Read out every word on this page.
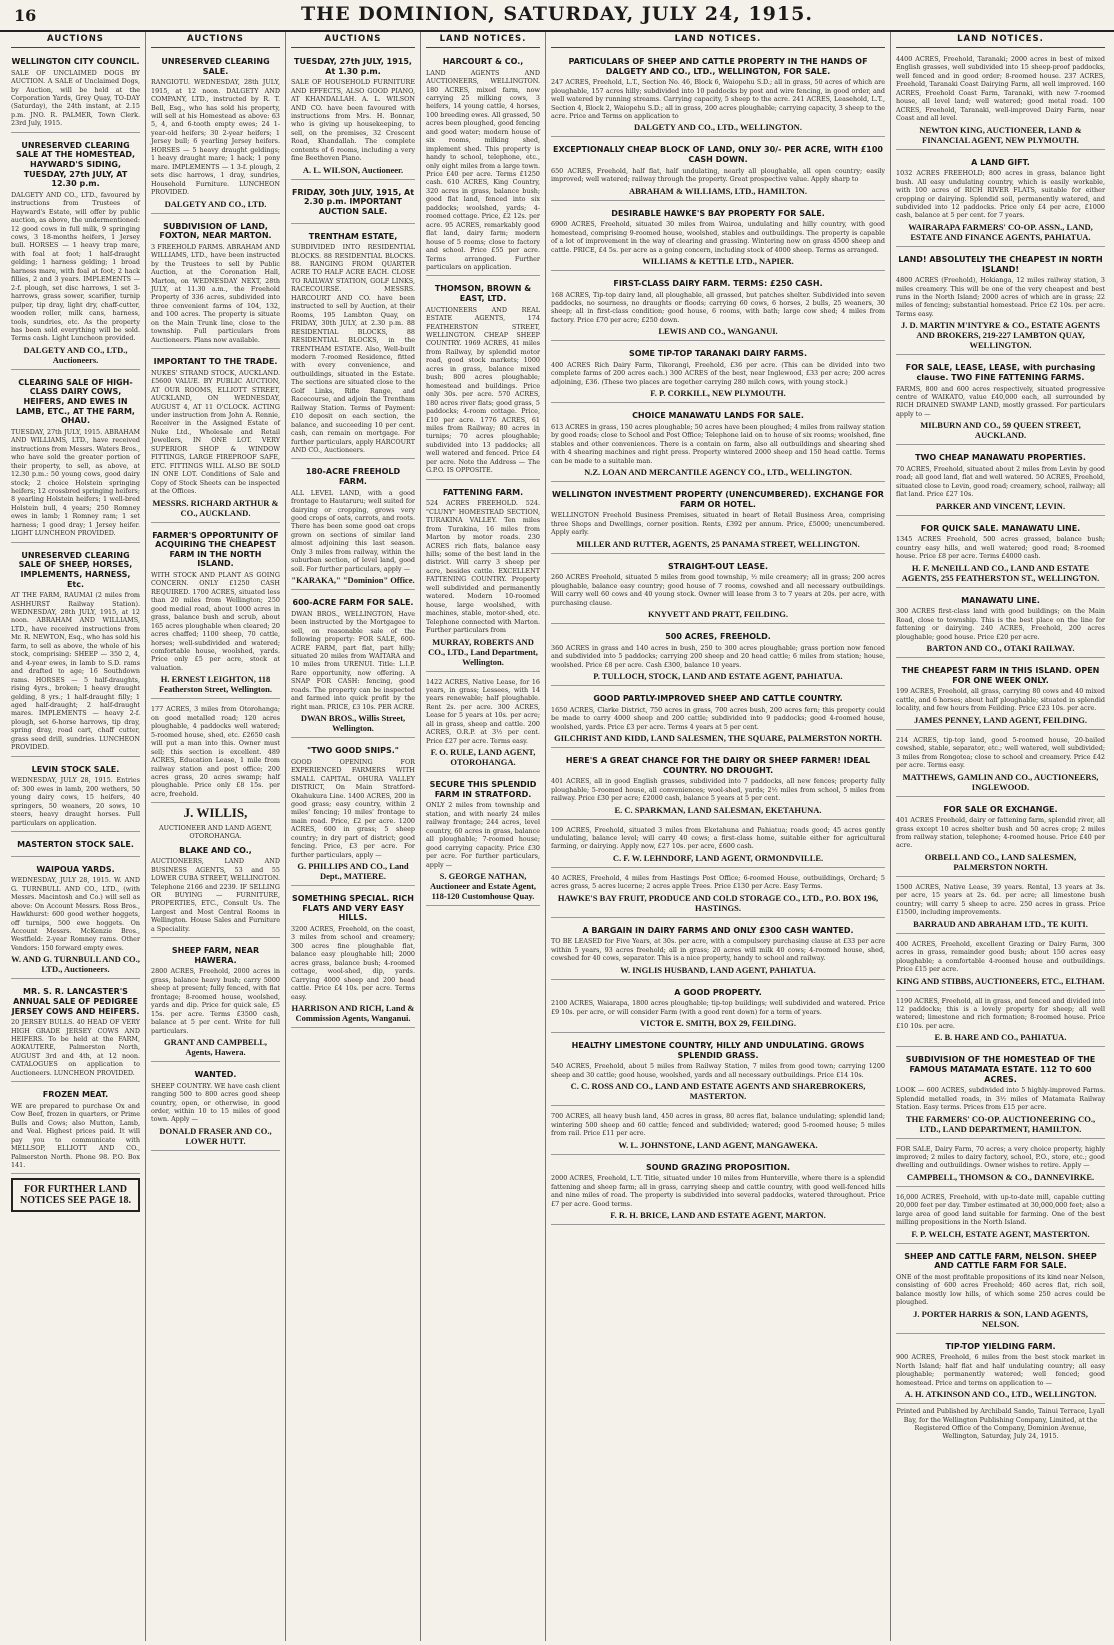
16	THE DOMINION, SATURDAY, JULY 24, 1915.
AUCTIONS
WELLINGTON CITY COUNCIL.
SALE OF UNCLAIMED DOGS BY AUCTION. A SALE of Unclaimed Dogs, by Auction, will be held at the Corporation Yards, Grey Quay, TO-DAY (Saturday), the 24th instant, at 2.15 p.m. JNO. R. PALMER, Town Clerk. 23rd July, 1915.
UNRESERVED CLEARING SALE AT THE HOMESTEAD, HAYWARD'S SIDING, TUESDAY, 27th JULY, AT 12.30 p.m.
DALGETY AND CO., LTD., favoured by instructions from Trustees of Hayward's Estate, will offer by public auction, as above, the undermentioned: 12 good cows in full milk, 9 springing cows, 3 18-months heifers, 1 Jersey bull. HORSES — 1 heavy trap mare, with foal at foot; 1 half-draught gelding; 1 harness gelding; 1 broad harness mare, with foal at foot; 2 hack fillies, 2 and 3 years. IMPLEMENTS — 2-f. plough, set disc harrows, 1 set 3-harrows, grass sower, scarifier, turnip pulper, tip dray, light dry, chaff-cutter, wooden roller, milk cans, harness, tools, sundries, etc. As the property has been sold everything will be sold. Terms cash. Light Luncheon provided.
DALGETY AND CO., LTD., Auctioneers.
CLEARING SALE OF HIGH-CLASS DAIRY COWS, HEIFERS, AND EWES IN LAMB, ETC., AT THE FARM, OHAU.
TUESDAY, 27th JULY, 1915. ABRAHAM AND WILLIAMS, LTD., have received instructions from Messrs. Waters Bros., who have sold the greater portion of their property, to sell, as above, at 12.30 p.m.: 50 young cows, good dairy stock; 2 choice Holstein springing heifers; 12 crossbred springing heifers; 8 yearling Holstein heifers; 1 well-bred Holstein bull, 4 years; 250 Romney ewes in lamb; 1 Romney ram; 1 set harness; 1 good dray; 1 Jersey heifer. LIGHT LUNCHEON PROVIDED.
UNRESERVED CLEARING SALE OF SHEEP, HORSES, IMPLEMENTS, HARNESS, Etc.
AT THE FARM, RAUMAI (2 miles from ASHHURST Railway Station). WEDNESDAY, 28th JULY, 1915, at 12 noon. ABRAHAM AND WILLIAMS, LTD., have received instructions from Mr. R. NEWTON, Esq., who has sold his farm, to sell as above, the whole of his stock, comprising: SHEEP — 350 2, 4, and 4-year ewes, in lamb to S.D. rams and drafted to age; 16 Southdown rams. HORSES — 5 half-draughts, rising 4yrs., broken; 1 heavy draught gelding, 8 yrs.; 1 half-draught filly; 1 aged half-draught; 2 half-draught mares. IMPLEMENTS — heavy 2-f. plough, set 6-horse harrows, tip dray, spring dray, road cart, chaff cutter, grass seed drill, sundries. LUNCHEON PROVIDED.
LEVIN STOCK SALE.
WEDNESDAY, JULY 28, 1915. Entries of: 300 ewes in lamb, 200 wethers, 50 young dairy cows, 15 heifers, 40 springers, 50 weaners, 20 sows, 10 steers, heavy draught horses. Full particulars on application.
MASTERTON STOCK SALE.
WAIPOUA YARDS.
WEDNESDAY, JULY 28, 1915. W. AND G. TURNBULL AND CO., LTD., (with Messrs. Macintosh and Co.) will sell as above: On Account Messrs. Ross Bros., Hawkhurst: 600 good wether hoggets, off turnips, 500 ewe hoggets. On Account Messrs. McKenzie Bros., Westfield: 2-year Romney rams. Other Vendors: 150 forward empty ewes.
W. AND G. TURNBULL AND CO., LTD., Auctioneers.
MR. S. R. LANCASTER'S ANNUAL SALE OF PEDIGREE JERSEY COWS AND HEIFERS.
20 JERSEY BULLS. 40 HEAD OF VERY HIGH GRADE JERSEY COWS AND HEIFERS. To be held at the FARM, AOKAUTERE, Palmerston North, AUGUST 3rd and 4th, at 12 noon. CATALOGUES on application to Auctioneers. LUNCHEON PROVIDED.
FROZEN MEAT.
WE are prepared to purchase Ox and Cow Beef, frozen in quarters, or Prime Bulls and Cows; also Mutton, Lamb, and Veal. Highest prices paid. It will pay you to communicate with MELLSOP, ELLIOTT AND CO., Palmerston North. Phone 98. P.O. Box 141.
FOR FURTHER LAND NOTICES SEE PAGE 18.
AUCTIONS
UNRESERVED CLEARING SALE.
RANGIOTU. WEDNESDAY, 28th JULY, 1915, at 12 noon. DALGETY AND COMPANY, LTD., instructed by R. T. Bell, Esq., who has sold his property, will sell at his Homestead as above: 63 5, 4, and 6-tooth empty ewes; 24 1-year-old heifers; 30 2-year heifers; 1 Jersey bull; 6 yearling Jersey heifers. HORSES — 5 heavy draught geldings; 1 heavy draught mare; 1 hack; 1 pony mare. IMPLEMENTS — 1 3-f. plough, 2 sets disc harrows, 1 dray, sundries, Household Furniture. LUNCHEON PROVIDED.
DALGETY AND CO., LTD.
SUBDIVISION OF LAND, FOXTON, NEAR MARTON.
3 FREEHOLD FARMS. ABRAHAM AND WILLIAMS, LTD., have been instructed by the Trustees to sell by Public Auction, at the Coronation Hall, Marton, on WEDNESDAY NEXT, 28th JULY, at 11.30 a.m., the Freehold Property of 336 acres, subdivided into three convenient farms of 104, 132, and 100 acres. The property is situate on the Main Trunk line, close to the township. Full particulars from Auctioneers. Plans now available.
IMPORTANT TO THE TRADE.
NUKES' STRAND STOCK, AUCKLAND. £5600 VALUE. BY PUBLIC AUCTION, AT OUR ROOMS, ELLIOTT STREET, AUCKLAND, ON WEDNESDAY, AUGUST 4, AT 11 O'CLOCK. ACTING under instruction from John A. Rennie, Receiver in the Assigned Estate of Nuke Ltd., Wholesale and Retail Jewellers, IN ONE LOT. VERY SUPERIOR SHOP & WINDOW FITTINGS, LARGE FIREPROOF SAFE, ETC. FITTINGS WILL ALSO BE SOLD IN ONE LOT. Conditions of Sale and Copy of Stock Sheets can be inspected at the Offices.
MESSRS. RICHARD ARTHUR & CO., AUCKLAND.
FARMER'S OPPORTUNITY OF ACQUIRING THE CHEAPEST FARM IN THE NORTH ISLAND.
WITH STOCK AND PLANT AS GOING CONCERN. ONLY £1250 CASH REQUIRED. 1700 ACRES, situated less than 20 miles from Wellington; 250 good medial road, about 1000 acres in grass, balance bush and scrub, about 165 acres ploughable when cleared; 20 acres chaffed; 1100 sheep, 70 cattle, horses; well-subdivided and watered; comfortable house, woolshed, yards. Price only £5 per acre, stock at valuation.
H. ERNEST LEIGHTON, 118 Featherston Street, Wellington.
177 ACRES, 3 miles from Otorohanga; on good metalled road; 120 acres ploughable, 4 paddocks well watered; 5-roomed house, shed, etc. £2650 cash will put a man into this. Owner must sell; this section is excellent. 489 ACRES, Education Lease, 1 mile from railway station and post office; 200 acres grass, 20 acres swamp; half ploughable. Price only £8 15s. per acre, freehold.
J. WILLIS,
AUCTIONEER AND LAND AGENT, OTOROHANGA.
BLAKE AND CO.,
AUCTIONEERS, LAND AND BUSINESS AGENTS, 53 and 55 LOWER CUBA STREET, WELLINGTON. Telephone 2166 and 2239. IF SELLING OR BUYING — FURNITURE, PROPERTIES, ETC., Consult Us. The Largest and Most Central Rooms in Wellington. House Sales and Furniture a Speciality.
SHEEP FARM, NEAR HAWERA.
2800 ACRES, Freehold, 2000 acres in grass, balance heavy bush; carry 5000 sheep at present; fully fenced, with flat frontage; 8-roomed house, woolshed, yards and dip. Price for quick sale, £5 15s. per acre. Terms £3500 cash, balance at 5 per cent. Write for full particulars.
GRANT AND CAMPBELL, Agents, Hawera.
WANTED.
SHEEP COUNTRY. WE have cash client ranging 500 to 800 acres good sheep country, open, or otherwise, in good order, within 10 to 15 miles of good town. Apply —
DONALD FRASER AND CO., LOWER HUTT.
AUCTIONS
TUESDAY, 27th JULY, 1915, At 1.30 p.m.
SALE OF HOUSEHOLD FURNITURE AND EFFECTS, ALSO GOOD PIANO, AT KHANDALLAH. A. L. WILSON AND CO. have been favoured with instructions from Mrs. H. Bonnar, who is giving up housekeeping, to sell, on the premises, 32 Crescent Road, Khandallah. The complete contents of 6 rooms, including a very fine Beethoven Piano.
A. L. WILSON, Auctioneer.
FRIDAY, 30th JULY, 1915, At 2.30 p.m. IMPORTANT AUCTION SALE.
TRENTHAM ESTATE,
SUBDIVIDED INTO RESIDENTIAL BLOCKS. 88 RESIDENTIAL BLOCKS. 88. RANGING FROM QUARTER ACRE TO HALF ACRE EACH. CLOSE TO RAILWAY STATION, GOLF LINKS, RACECOURSE. MESSRS. HARCOURT AND CO. have been instructed to sell by Auction, at their Rooms, 195 Lambton Quay, on FRIDAY, 30th JULY, at 2.30 p.m. 88 RESIDENTIAL BLOCKS, 88 RESIDENTIAL BLOCKS, in the TRENTHAM ESTATE. Also, Well-built modern 7-roomed Residence, fitted with every convenience, and outbuildings, situated in the Estate. The sections are situated close to the Golf Links, Rifle Range, and Racecourse, and adjoin the Trentham Railway Station. Terms of Payment: £10 deposit on each section, the balance, and succeeding 10 per cent. cash, can remain on mortgage. For further particulars, apply HARCOURT AND CO., Auctioneers.
180-ACRE FREEHOLD FARM.
ALL LEVEL LAND, with a good frontage to Hautaruru; well suited for dairying or cropping, grows very good crops of oats, carrots, and roots. There has been some good oat crops grown on sections of similar land almost adjoining this last season. Only 3 miles from railway, within the suburban section, of level land, good soil. For further particulars, apply —
"KARAKA," "Dominion" Office.
600-ACRE FARM FOR SALE.
DWAN BROS., WELLINGTON, Have been instructed by the Mortgagee to sell, on reasonable sale of the following property: FOR SALE, 600-ACRE FARM, part flat, part hilly; situated 20 miles from WAITARA and 10 miles from URENUI. Title: L.I.P. Rare opportunity, now offering. A SNAP FOR CASH: fencing, good roads. The property can be inspected and farmed into quick profit by the right man. PRICE, £3 10s. PER ACRE.
DWAN BROS., Willis Street, Wellington.
"TWO GOOD SNIPS."
GOOD OPENING FOR EXPERIENCED FARMERS WITH SMALL CAPITAL. OHURA VALLEY DISTRICT, On Main Stratford-Okahukura Line. 1400 ACRES, 200 in good grass; easy country, within 2 miles' fencing; 10 miles' frontage to main road. Price, £2 per acre. 1200 ACRES, 600 in grass; 5 sheep country; in dry part of district; good fencing. Price, £3 per acre. For further particulars, apply —
G. PHILLIPS AND CO., Land Dept., MATIERE.
SOMETHING SPECIAL. RICH FLATS AND VERY EASY HILLS.
3200 ACRES, Freehold, on the coast, 3 miles from school and creamery; 300 acres fine ploughable flat, balance easy ploughable hill; 2000 acres grass, balance bush; 4-roomed cottage, wool-shed, dip, yards. Carrying 4000 sheep and 200 head cattle. Price £4 10s. per acre. Terms easy.
HARRISON AND RICH, Land & Commission Agents, Wanganui.
LAND NOTICES.
HARCOURT & CO.,
LAND AGENTS AND AUCTIONEERS, WELLINGTON. 180 ACRES, mixed farm, now carrying 25 milking cows, 3 heifers, 14 young cattle, 4 horses, 100 breeding ewes. All grassed, 50 acres been ploughed, good fencing and good water; modern house of six rooms, milking shed, implement shed. This property is handy to school, telephone, etc., only eight miles from a large town. Price £40 per acre. Terms £1250 cash. 610 ACRES, King Country, 320 acres in grass, balance bush; good flat land, fenced into six paddocks; woolshed, yards; 4-roomed cottage. Price, £2 12s. per acre. 95 ACRES, remarkably good flat land, dairy farm; modern house of 5 rooms; close to factory and school. Price £55 per acre. Terms arranged. Further particulars on application.
THOMSON, BROWN & EAST, LTD.
AUCTIONEERS AND REAL ESTATE AGENTS, 174 FEATHERSTON STREET, WELLINGTON. CHEAP SHEEP COUNTRY. 1969 ACRES, 41 miles from Railway, by splendid motor road, good stock markets; 1000 acres in grass, balance mixed bush; 800 acres ploughable; homestead and buildings. Price only 30s. per acre. 570 ACRES, 180 acres river flats; good grass, 5 paddocks; 4-room cottage. Price, £10 per acre. 1776 ACRES, 61 miles from Railway; 80 acres in turnips; 70 acres ploughable; subdivided into 13 paddocks; all well watered and fenced. Price £4 per acre. Note the Address — The G.P.O. IS OPPOSITE.
FATTENING FARM.
524 ACRES FREEHOLD. 524. "CLUNY" HOMESTEAD SECTION, TURAKINA VALLEY. Ten miles from Turakina, 16 miles from Marton by motor roads. 230 ACRES rich flats, balance easy hills; some of the best land in the district. Will carry 3 sheep per acre, besides cattle. EXCELLENT FATTENING COUNTRY. Property well subdivided and permanently watered. Modern 10-roomed house, large woolshed, with machines, stable, motor-shed, etc. Telephone connected with Marton. Further particulars from
MURRAY, ROBERTS AND CO., LTD., Land Department, Wellington.
1422 ACRES, Native Lease, for 16 years, in grass; Lessees, with 14 years renewable; half ploughable. Rent 2s. per acre. 300 ACRES, Lease for 5 years at 10s. per acre; all in grass, sheep and cattle. 200 ACRES, O.R.P. at 3½ per cent. Price £27 per acre. Terms easy.
F. O. RULE, LAND AGENT, OTOROHANGA.
SECURE THIS SPLENDID FARM IN STRATFORD.
ONLY 2 miles from township and station, and with nearly 24 miles railway frontage; 244 acres, level country, 60 acres in grass, balance all ploughable; 7-roomed house; good carrying capacity. Price £30 per acre. For further particulars, apply —
S. GEORGE NATHAN, Auctioneer and Estate Agent, 118-120 Customhouse Quay.
LAND NOTICES.
PARTICULARS OF SHEEP AND CATTLE PROPERTY IN THE HANDS OF DALGETY AND CO., LTD., WELLINGTON, FOR SALE.
247 ACRES, Freehold, L.T., Section No. 46, Block 6, Waiopehu S.D.; all in grass, 50 acres of which are ploughable, 157 acres hilly; subdivided into 10 paddocks by post and wire fencing, in good order, and well watered by running streams. Carrying capacity, 5 sheep to the acre. 241 ACRES, Leasehold, L.T., Section 4, Block 2, Waiopehu S.D.; all in grass, 200 acres ploughable; carrying capacity, 3 sheep to the acre. Price and Terms on application to
DALGETY AND CO., LTD., WELLINGTON.
EXCEPTIONALLY CHEAP BLOCK OF LAND, ONLY 30/- PER ACRE, WITH £100 CASH DOWN.
650 ACRES, Freehold, half flat, half undulating, nearly all ploughable, all open country; easily improved; well watered; railway through the property. Great prospective value. Apply sharp to
ABRAHAM & WILLIAMS, LTD., HAMILTON.
DESIRABLE HAWKE'S BAY PROPERTY FOR SALE.
6900 ACRES, Freehold, situated 30 miles from Wairoa, undulating and hilly country, with good homestead, comprising 9-roomed house, woolshed, stables and outbuildings. The property is capable of a lot of improvement in the way of clearing and grassing. Wintering now on grass 4500 sheep and cattle. PRICE, £4 5s. per acre as a going concern, including stock of 4000 sheep. Terms as arranged.
WILLIAMS & KETTLE LTD., NAPIER.
FIRST-CLASS DAIRY FARM. TERMS: £250 CASH.
168 ACRES, Tip-top dairy land, all ploughable, all grassed, but patches shelter. Subdivided into seven paddocks, no sourness, no draughts or floods; carrying 60 cows, 6 horses, 2 bulls, 25 weaners, 30 sheep; all in first-class condition; good house, 6 rooms, with bath; large cow shed; 4 miles from factory. Price £70 per acre; £250 down.
LEWIS AND CO., WANGANUI.
SOME TIP-TOP TARANAKI DAIRY FARMS.
400 ACRES Rich Dairy Farm, Tikorangi, Freehold, £36 per acre. (This can be divided into two complete farms of 200 acres each.) 300 ACRES of the best, near Inglewood, £33 per acre; 200 acres adjoining, £36. (These two places are together carrying 280 milch cows, with young stock.)
F. P. CORKILL, NEW PLYMOUTH.
CHOICE MANAWATU LANDS FOR SALE.
613 ACRES in grass, 150 acres ploughable; 50 acres have been ploughed; 4 miles from railway station by good roads; close to School and Post Office; Telephone laid on to house of six rooms; woolshed, fine stables and other conveniences. There is a contain on farm, also all outbuildings and shearing shed with 4 shearing machines and right press. Property wintered 2000 sheep and 150 head cattle. Terms can be made to a suitable man.
N.Z. LOAN AND MERCANTILE AGENCY CO., LTD., WELLINGTON.
WELLINGTON INVESTMENT PROPERTY (UNENCUMBERED). EXCHANGE FOR FARM OR HOTEL.
WELLINGTON Freehold Business Premises, situated in heart of Retail Business Area, comprising three Shops and Dwellings, corner position. Rents, £392 per annum. Price, £5000; unencumbered. Apply early.
MILLER AND RUTTER, AGENTS, 25 PANAMA STREET, WELLINGTON.
STRAIGHT-OUT LEASE.
260 ACRES Freehold, situated 5 miles from good township, ½ mile creamery; all in grass; 200 acres ploughable, balance easy country; good house of 7 rooms, cowshed and all necessary outbuildings. Will carry well 60 cows and 40 young stock. Owner will lease from 3 to 7 years at 20s. per acre, with purchasing clause.
KNYVETT AND PRATT, FEILDING.
500 ACRES, FREEHOLD.
360 ACRES in grass and 140 acres in bush, 250 to 300 acres ploughable; grass portion now fenced and subdivided into 5 paddocks; carrying 200 sheep and 20 head cattle; 6 miles from station; house, woolshed. Price £8 per acre. Cash £300, balance 10 years.
P. TULLOCH, STOCK, LAND AND ESTATE AGENT, PAHIATUA.
GOOD PARTLY-IMPROVED SHEEP AND CATTLE COUNTRY.
1650 ACRES, Clarke District, 750 acres in grass, 700 acres bush, 200 acres fern; this property could be made to carry 4000 sheep and 200 cattle; subdivided into 9 paddocks; good 4-roomed house, woolshed, yards. Price £3 per acre. Terms 4 years at 5 per cent.
GILCHRIST AND KIDD, LAND SALESMEN, THE SQUARE, PALMERSTON NORTH.
HERE'S A GREAT CHANCE FOR THE DAIRY OR SHEEP FARMER! IDEAL COUNTRY. NO DROUGHT.
401 ACRES, all in good English grasses, subdivided into 7 paddocks, all new fences; property fully ploughable; 5-roomed house, all conveniences; wool-shed, yards; 2½ miles from school, 5 miles from railway. Price £30 per acre; £2000 cash, balance 5 years at 5 per cent.
E. C. SPARKMAN, LAND SALESMAN, EKETAHUNA.
109 ACRES, Freehold, situated 3 miles from Eketahuna and Pahiatua; roads good; 45 acres gently undulating, balance level; will carry 40 cows; a first-class home, suitable either for agricultural farming, or dairying. Apply now, £27 10s. per acre, £600 cash.
C. F. W. LEHNDORF, LAND AGENT, ORMONDVILLE.
40 ACRES, Freehold, 4 miles from Hastings Post Office; 6-roomed House, outbuildings, Orchard; 5 acres grass, 5 acres lucerne; 2 acres apple Trees. Price £130 per Acre. Easy Terms.
HAWKE'S BAY FRUIT, PRODUCE AND COLD STORAGE CO., LTD., P.O. BOX 196, HASTINGS.
A BARGAIN IN DAIRY FARMS AND ONLY £300 CASH WANTED.
TO BE LEASED for Five Years, at 30s. per acre, with a compulsory purchasing clause at £33 per acre within 5 years, 93 acres freehold; all in grass; 20 acres will milk 40 cows; 4-roomed house, shed, cowshed for 40 cows, separator. This is a nice property, handy to school and railway.
W. INGLIS HUSBAND, LAND AGENT, PAHIATUA.
A GOOD PROPERTY.
2100 ACRES, Waiarapa, 1800 acres ploughable; tip-top buildings; well subdivided and watered. Price £9 10s. per acre, or will consider Farm (with a good rent down) for a term of years.
VICTOR E. SMITH, BOX 29, FEILDING.
HEALTHY LIMESTONE COUNTRY, HILLY AND UNDULATING. GROWS SPLENDID GRASS.
540 ACRES, Freehold, about 5 miles from Railway Station, 7 miles from good town; carrying 1200 sheep and 30 cattle; good house, woolshed, yards and all necessary outbuildings. Price £14 10s.
C. C. ROSS AND CO., LAND AND ESTATE AGENTS AND SHAREBROKERS, MASTERTON.
700 ACRES, all heavy bush land, 450 acres in grass, 80 acres flat, balance undulating; splendid land; wintering 500 sheep and 60 cattle; fenced and subdivided; watered; good 5-roomed house; 5 miles from rail. Price £11 per acre.
W. L. JOHNSTONE, LAND AGENT, MANGAWEKA.
SOUND GRAZING PROPOSITION.
2000 ACRES, Freehold, L.T. Title, situated under 10 miles from Hunterville, where there is a splendid fattening and sheep farm; all in grass, carrying sheep and cattle country, with good well-fenced hills and nine miles of road. The property is subdivided into several paddocks, watered throughout. Price £7 per acre. Good terms.
F. R. H. BRICE, LAND AND ESTATE AGENT, MARTON.
LAND NOTICES.
4400 ACRES, Freehold, Taranaki; 2000 acres in best of mixed English grasses, well subdivided into 15 sheep-proof paddocks, well fenced and in good order; 8-roomed house. 237 ACRES, Freehold, Taranaki Coast Dairying Farm, all well improved. 160 ACRES, Freehold Coast Farm, Taranaki, with new 7-roomed house, all level land; well watered; good metal road. 100 ACRES, Freehold, Taranaki, well-improved Dairy Farm, near Coast and all level.
NEWTON KING, AUCTIONEER, LAND & FINANCIAL AGENT, NEW PLYMOUTH.
A LAND GIFT.
1032 ACRES FREEHOLD; 800 acres in grass, balance light bush. All easy undulating country, which is easily workable, with 100 acres of RICH RIVER FLATS, suitable for either cropping or dairying. Splendid soil, permanently watered, and subdivided into 12 paddocks. Price only £4 per acre, £1000 cash, balance at 5 per cent. for 7 years.
WAIRARAPA FARMERS' CO-OP. ASSN., LAND, ESTATE AND FINANCE AGENTS, PAHIATUA.
LAND! ABSOLUTELY THE CHEAPEST IN NORTH ISLAND!
4800 ACRES (Freehold), Hokianga, 12 miles railway station, 3 miles creamery. This will be one of the very cheapest and best runs in the North Island; 2000 acres of which are in grass; 22 miles of fencing; substantial homestead. Price £2 10s. per acre. Terms easy.
J. D. MARTIN M'INTYRE & CO., ESTATE AGENTS AND BROKERS, 219-227 LAMBTON QUAY, WELLINGTON.
FOR SALE, LEASE, LEASE, with purchasing clause. TWO FINE FATTENING FARMS.
FARMS, 800 and 600 acres respectively, situated progressive centre of WAIKATO, value £40,000 each, all surrounded by RICH DRAINED SWAMP LAND, mostly grassed. For particulars apply to —
MILBURN AND CO., 59 QUEEN STREET, AUCKLAND.
TWO CHEAP MANAWATU PROPERTIES.
70 ACRES, Freehold, situated about 2 miles from Levin by good road; all good land, flat and well watered. 50 ACRES, Freehold, situated close to Levin, good road; creamery, school, railway; all flat land. Price £27 10s.
PARKER AND VINCENT, LEVIN.
FOR QUICK SALE. MANAWATU LINE.
1345 ACRES Freehold, 500 acres grassed, balance bush; country easy hills, and well watered; good road; 8-roomed house. Price £8 per acre. Terms £4000 cash.
H. F. McNEILL AND CO., LAND AND ESTATE AGENTS, 255 FEATHERSTON ST., WELLINGTON.
MANAWATU LINE.
300 ACRES first-class land with good buildings; on the Main Road, close to township. This is the best place on the line for fattening or dairying. 240 ACRES, Freehold, 200 acres ploughable; good house. Price £20 per acre.
BARTON AND CO., OTAKI RAILWAY.
THE CHEAPEST FARM IN THIS ISLAND. OPEN FOR ONE WEEK ONLY.
199 ACRES, Freehold, all grass, carrying 80 cows and 40 mixed cattle, and 6 horses; about half ploughable; situated in splendid locality, and few hours from Feilding. Price £23 10s. per acre.
JAMES PENNEY, LAND AGENT, FEILDING.
214 ACRES, tip-top land, good 5-roomed house, 20-bailed cowshed, stable, separator, etc.; well watered, well subdivided; 3 miles from Rongotea; close to school and creamery. Price £42 per acre. Terms easy.
MATTHEWS, GAMLIN AND CO., AUCTIONEERS, INGLEWOOD.
FOR SALE OR EXCHANGE.
401 ACRES Freehold, dairy or fattening farm, splendid river, all grass except 10 acres shelter bush and 50 acres crop; 2 miles from railway station, telephone; 4-roomed house. Price £40 per acre.
ORBELL AND CO., LAND SALESMEN, PALMERSTON NORTH.
1500 ACRES, Native Lease, 39 years. Rental, 13 years at 3s. per acre, 15 years at 2s. 6d. per acre; all limestone bush country; will carry 5 sheep to acre. 250 acres in grass. Price £1500, including improvements.
BARRAUD AND ABRAHAM LTD., TE KUITI.
400 ACRES, Freehold, excellent Grazing or Dairy Farm, 300 acres in grass, remainder good bush; about 150 acres easy ploughable; a comfortable 4-roomed house and outbuildings. Price £15 per acre.
KING AND STIBBS, AUCTIONEERS, ETC., ELTHAM.
1190 ACRES, Freehold, all in grass, and fenced and divided into 12 paddocks; this is a lovely property for sheep; all well watered; limestone and rich formation; 8-roomed house. Price £10 10s. per acre.
E. B. HARE AND CO., PAHIATUA.
SUBDIVISION OF THE HOMESTEAD OF THE FAMOUS MATAMATA ESTATE. 112 TO 600 ACRES.
LOOK — 600 ACRES, subdivided into 5 highly-improved Farms. Splendid metalled roads, in 3½ miles of Matamata Railway Station. Easy terms. Prices from £15 per acre.
THE FARMERS' CO-OP. AUCTIONEERING CO., LTD., LAND DEPARTMENT, HAMILTON.
FOR SALE, Dairy Farm, 70 acres; a very choice property, highly improved; 2 miles to dairy factory, school, P.O., store, etc.; good dwelling and outbuildings. Owner wishes to retire. Apply —
CAMPBELL, THOMSON & CO., DANNEVIRKE.
16,000 ACRES, Freehold, with up-to-date mill, capable cutting 20,000 feet per day. Timber estimated at 30,000,000 feet; also a large area of good land suitable for farming. One of the best milling propositions in the North Island.
F. P. WELCH, ESTATE AGENT, MASTERTON.
SHEEP AND CATTLE FARM, NELSON. SHEEP AND CATTLE FARM FOR SALE.
ONE of the most profitable propositions of its kind near Nelson, consisting of 600 acres Freehold; 460 acres flat, rich soil, balance mostly low hills, of which some 250 acres could be ploughed.
J. PORTER HARRIS & SON, LAND AGENTS, NELSON.
TIP-TOP YIELDING FARM.
900 ACRES, Freehold, 6 miles from the best stock market in North Island; half flat and half undulating country; all easy ploughable; permanently watered; well fenced; good homestead. Price and terms on application to —
A. H. ATKINSON AND CO., LTD., WELLINGTON.
Printed and Published by Archibald Sando, Tainui Terrace, Lyall Bay, for the Wellington Publishing Company, Limited, at the Registered Office of the Company, Dominion Avenue, Wellington, Saturday, July 24, 1915.
